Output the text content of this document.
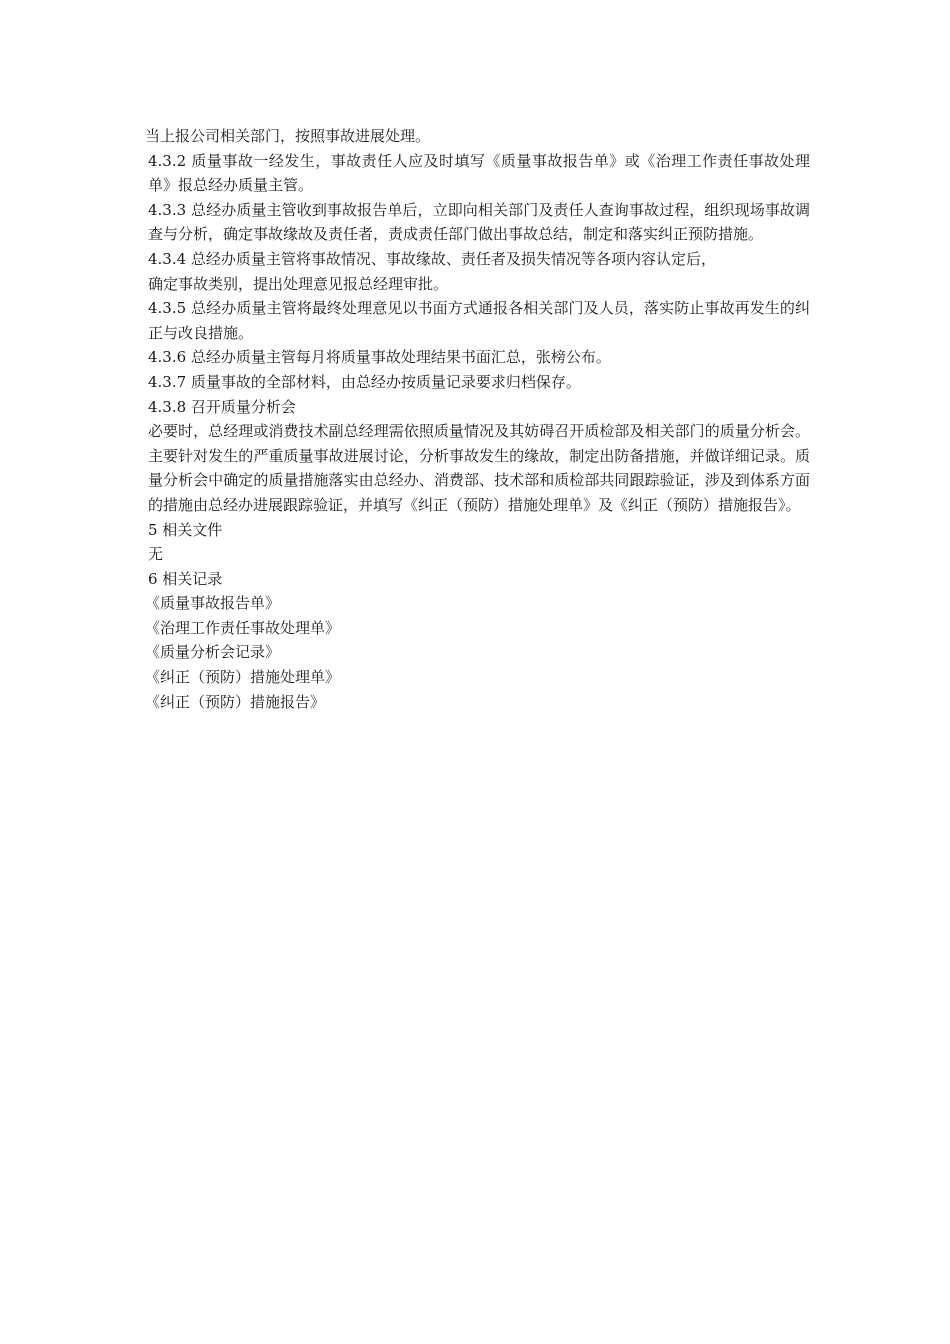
当上报公司相关部门，按照事故进展处理。

4.3.2 质量事故一经发生，事故责任人应及时填写《质量事故报告单》或《治理工作责任事故处理单》报总经办质量主管。

4.3.3 总经办质量主管收到事故报告单后，立即向相关部门及责任人查询事故过程，组织现场事故调查与分析，确定事故缘故及责任者，责成责任部门做出事故总结，制定和落实纠正预防措施。

4.3.4 总经办质量主管将事故情况、事故缘故、责任者及损失情况等各项内容认定后，

确定事故类别，提出处理意见报总经理审批。

4.3.5 总经办质量主管将最终处理意见以书面方式通报各相关部门及人员，落实防止事故再发生的纠正与改良措施。

4.3.6 总经办质量主管每月将质量事故处理结果书面汇总，张榜公布。

4.3.7 质量事故的全部材料，由总经办按质量记录要求归档保存。

4.3.8 召开质量分析会

必要时，总经理或消费技术副总经理需依照质量情况及其妨碍召开质检部及相关部门的质量分析会。主要针对发生的严重质量事故进展讨论，分析事故发生的缘故，制定出防备措施，并做详细记录。质量分析会中确定的质量措施落实由总经办、消费部、技术部和质检部共同跟踪验证，涉及到体系方面的措施由总经办进展跟踪验证，并填写《纠正（预防）措施处理单》及《纠正（预防）措施报告》。

5 相关文件

无

6 相关记录

《质量事故报告单》

《治理工作责任事故处理单》

《质量分析会记录》

《纠正（预防）措施处理单》

《纠正（预防）措施报告》
